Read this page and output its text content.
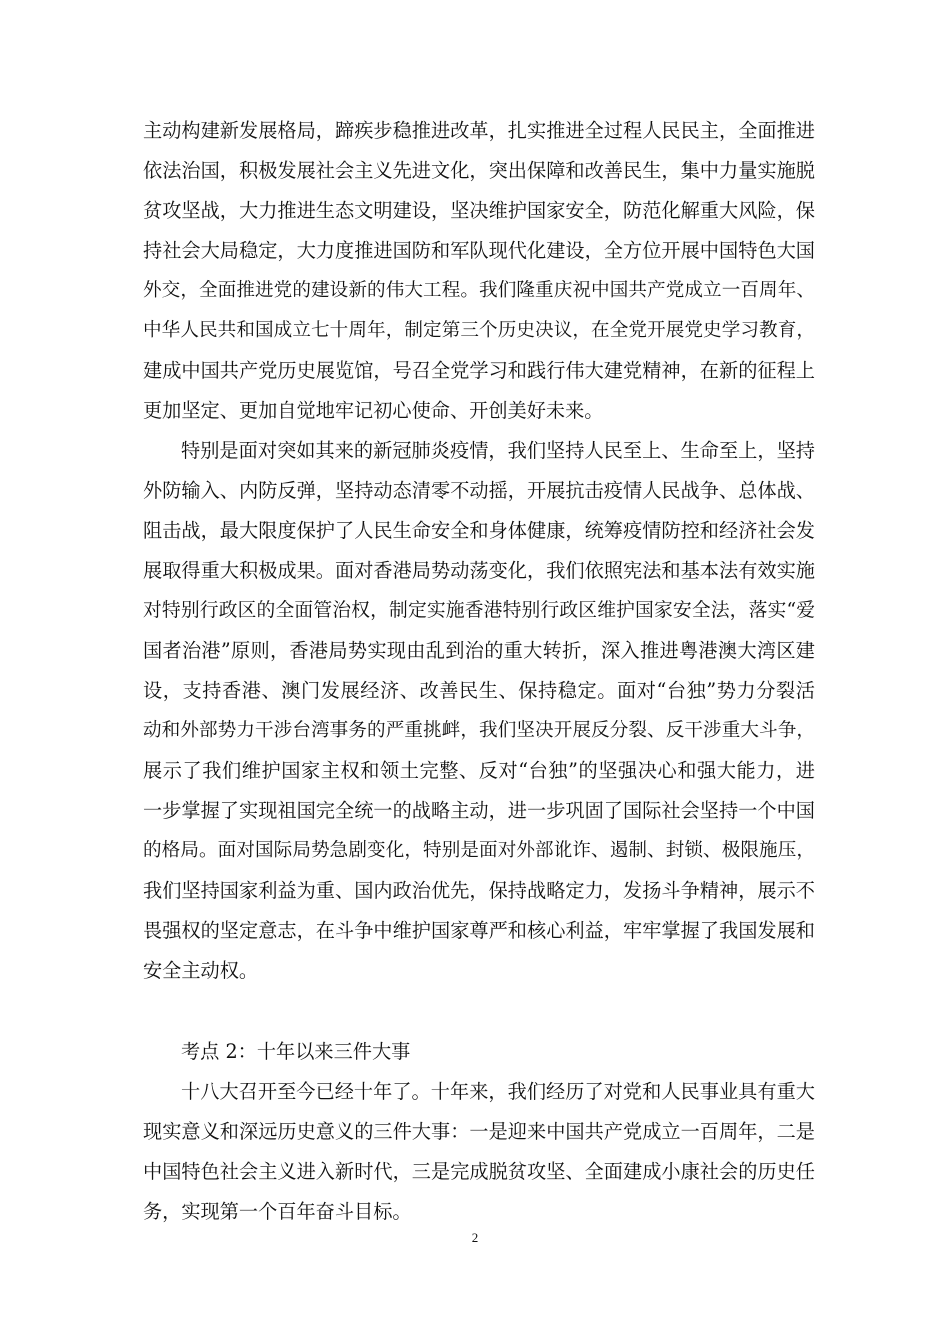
主动构建新发展格局，蹄疾步稳推进改革，扎实推进全过程人民民主，全面推进
依法治国，积极发展社会主义先进文化，突出保障和改善民生，集中力量实施脱
贫攻坚战，大力推进生态文明建设，坚决维护国家安全，防范化解重大风险，保
持社会大局稳定，大力度推进国防和军队现代化建设，全方位开展中国特色大国
外交，全面推进党的建设新的伟大工程。我们隆重庆祝中国共产党成立一百周年、
中华人民共和国成立七十周年，制定第三个历史决议，在全党开展党史学习教育，
建成中国共产党历史展览馆，号召全党学习和践行伟大建党精神，在新的征程上
更加坚定、更加自觉地牢记初心使命、开创美好未来。
特别是面对突如其来的新冠肺炎疫情，我们坚持人民至上、生命至上，坚持
外防输入、内防反弹，坚持动态清零不动摇，开展抗击疫情人民战争、总体战、
阻击战，最大限度保护了人民生命安全和身体健康，统筹疫情防控和经济社会发
展取得重大积极成果。面对香港局势动荡变化，我们依照宪法和基本法有效实施
对特别行政区的全面管治权，制定实施香港特别行政区维护国家安全法，落实“爱
国者治港”原则，香港局势实现由乱到治的重大转折，深入推进粤港澳大湾区建
设，支持香港、澳门发展经济、改善民生、保持稳定。面对“台独”势力分裂活
动和外部势力干涉台湾事务的严重挑衅，我们坚决开展反分裂、反干涉重大斗争，
展示了我们维护国家主权和领土完整、反对“台独”的坚强决心和强大能力，进
一步掌握了实现祖国完全统一的战略主动，进一步巩固了国际社会坚持一个中国
的格局。面对国际局势急剧变化，特别是面对外部讹诈、遏制、封锁、极限施压，
我们坚持国家利益为重、国内政治优先，保持战略定力，发扬斗争精神，展示不
畏强权的坚定意志，在斗争中维护国家尊严和核心利益，牢牢掌握了我国发展和
安全主动权。
考点 2：十年以来三件大事
十八大召开至今已经十年了。十年来，我们经历了对党和人民事业具有重大
现实意义和深远历史意义的三件大事：一是迎来中国共产党成立一百周年，二是
中国特色社会主义进入新时代，三是完成脱贫攻坚、全面建成小康社会的历史任
务，实现第一个百年奋斗目标。
2
